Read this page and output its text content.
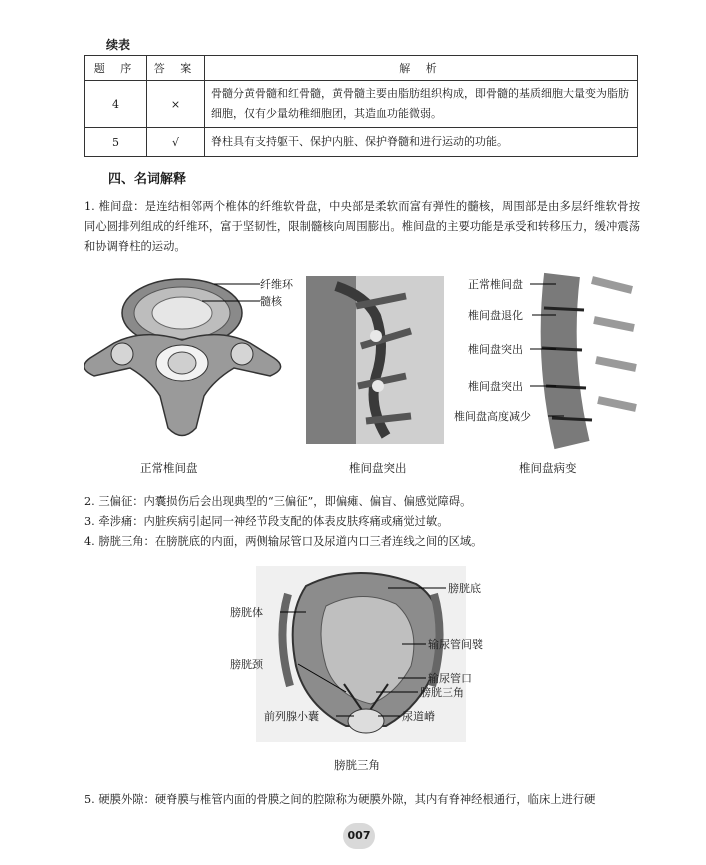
续表
题 序	答 案	解 析
4	×	骨髓分黄骨髓和红骨髓，黄骨髓主要由脂肪组织构成，即骨髓的基质细胞大量变为脂肪细胞，仅有少量幼稚细胞团，其造血功能微弱。
5	√	脊柱具有支持躯干、保护内脏、保护脊髓和进行运动的功能。
四、名词解释
1. 椎间盘：是连结相邻两个椎体的纤维软骨盘，中央部是柔软而富有弹性的髓核，周围部是由多层纤维软骨按同心圆排列组成的纤维环，富于坚韧性，限制髓核向周围膨出。椎间盘的主要功能是承受和转移压力，缓冲震荡和协调脊柱的运动。
纤维环
髓核
正常椎间盘	椎间盘突出
正常椎间盘
椎间盘退化
椎间盘突出
椎间盘突出
椎间盘高度减少
椎间盘病变
2. 三偏征：内囊损伤后会出现典型的“三偏征”，即偏瘫、偏盲、偏感觉障碍。
3. 牵涉痛：内脏疾病引起同一神经节段支配的体表皮肤疼痛或痛觉过敏。
4. 膀胱三角：在膀胱底的内面，两侧输尿管口及尿道内口三者连线之间的区域。
膀胱底
膀胱体
输尿管间襞
膀胱颈
输尿管口
膀胱三角
前列腺小囊	尿道嵴
膀胱三角
5. 硬膜外隙：硬脊膜与椎管内面的骨膜之间的腔隙称为硬膜外隙，其内有脊神经根通行，临床上进行硬
007
